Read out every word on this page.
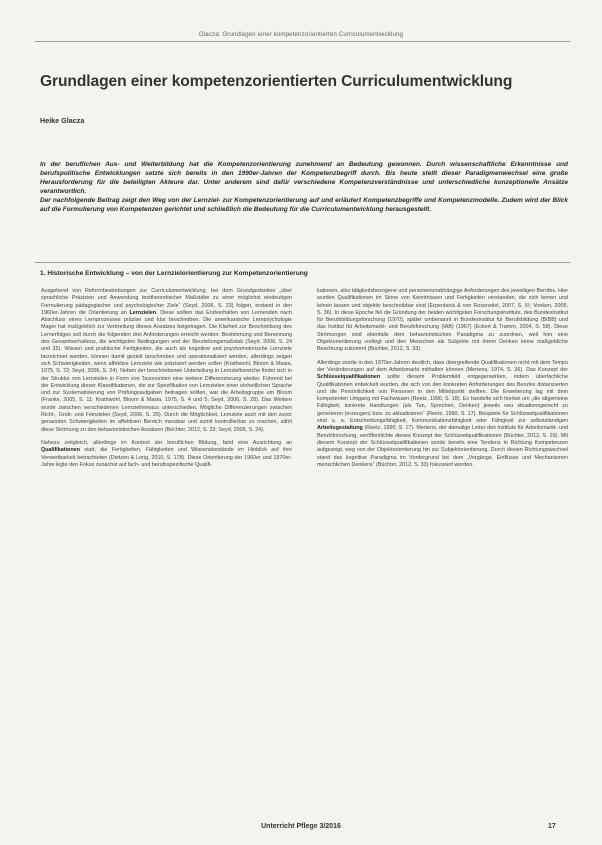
Glacza: Grundlagen einer kompetenzorientierten Curriculumentwicklung
Grundlagen einer kompetenzorientierten Curriculumentwicklung
Heike Glacza

In der beruflichen Aus- und Weiterbildung hat die Kompetenzorientierung zunehmend an Bedeutung gewonnen. Durch wissenschaftliche Erkenntnisse und berufspolitische Entwicklungen setzte sich bereits in den 1990er-Jahren der Kompetenzbegriff durch. Bis heute stellt dieser Paradigmenwechsel eine große Herausforderung für die beteiligten Akteure dar. Unter anderem sind dafür verschiedene Kompetenzverständnisse und unterschiedliche konzeptionelle Ansätze verantwortlich.

Der nachfolgende Beitrag zeigt den Weg von der Lernziel- zur Kompetenzorientierung auf und erläutert Kompetenzbegriffe und Kompetenzmodelle. Zudem wird der Blick auf die Formulierung von Kompetenzen gerichtet und schließlich die Bedeutung für die Curriculumentwicklung herausgestellt.

1. Historische Entwicklung – von der Lernzielorientierung zur Kompetenzorientierung

Ausgehend von Reformbestrebungen zur Curriculumentwicklung, bei dem Grundgedanken „über sprachliche Präzision und Anwendung testtheoretischer Maßstäbe zu einer möglichst eindeutigen Formulierung pädagogischer und psychologischer Ziele“ (Seyd, 2006, S. 23) folgen, erstand in den 1960er-Jahren die Orientierung an Lernzielen. Diese sollten das Endverhalten von Lernenden nach Abschluss eines Lernprozesses präzise und klar beschreiben. Die amerikanische Lernpsychologie Mager hat maßgeblich zur Verbreitung dieses Ansatzes beigetragen. Die Klarheit zur Beschreibung des Lernerfolges soll durch die folgenden drei Anforderungen erreicht werden: Bestimmung und Benennung des Gesamtverhaltens, die wichtigsten Bedingungen und der Beurteilungsmaßstab (Seyd, 2006, S. 24 und 25). Wissen und praktische Fertigkeiten, die auch als kognitive und psychomotorische Lernziele bezeichnet werden, können damit gezielt beschrieben und operationalisiert werden, allerdings zeigen sich Schwierigkeiten, wenn affektive Lernziele wie präzisiert werden sollen (Krathwohl, Bloom & Masia, 1975, S. 72; Seyd, 2006, S. 24). Neben der beschriebenen Unterteilung in Lernzielbereiche findet sich in der Struktur von Lernzielen in Form von Taxonomien eine weitere Differenzierung wieder. Führend bei der Entwicklung dieser Klassifikationen, die zur Spezifikation von Lernzielen einer einheitlichen Sprache und zur Systematisierung von Prüfungsaufgaben beitragen sollten, war die Arbeitsgruppe um Bloom (Franke, 2005, S. 11; Krathwohl, Bloom & Masia, 1975, S. 4 und 5; Seyd, 2006, S. 28). Das Weitere wurde zwischen verschiedenen Lernzielniveaus unterschieden. Mögliche Differenzierungen zwischen Richt-, Grob- und Feinzielen (Seyd, 2006, S. 25). Durch die Möglichkeit, Lernziele auch mit den zuvor genannten Schwierigkeiten im affektiven Bereich messbar und somit kontrollierbar zu machen, zählt diese Strömung zu den behavioristischen Ansätzen (Büchter, 2012, S. 33; Seyd, 2006, S. 24).

Nahezu zeitgleich, allerdings im Kontext der beruflichen Bildung, fand eine Ausrichtung an Qualifikationen statt, die Fertigkeiten, Fähigkeiten und Wissensbestände im Hinblick auf ihre Verwertbarkeit betrachteten (Dietzen & Lorig, 2010, S. 178). Diese Orientierung der 1960er und 1970er-Jahre legte den Fokus zunächst auf fach- und berufsspezifische Qualifi-

kationen, also tätigkeitsbezogene und personenunabhängige Anforderungen des jeweiligen Berufes. Hier wurden Qualifikationen im Sinne von Kenntnissen und Fertigkeiten verstanden, die sich lernen und lehren lassen und objektiv beschreibbar sind (Erpenbeck & von Rosenstiel, 2007, S. XI; Vonken, 2005, S. 36). In diese Epoche fiel die Gründung der beiden wichtigsten Forschungsinstitute, des Bundesinstitut für Berufsbildungsforschung (1970), später umbenannt in Bundesinstitut für Berufsbildung (BIBB) und das Institut für Arbeitsmarkt- und Berufsforschung (IAB) (1967) (Eckert & Tramm, 2004, S. 58). Diese Strömungen sind ebenfalls dem behavioristischen Paradigma zu zuordnen, weil hier eine Objektorientierung vorliegt und den Menschen als Subjekte mit ihrem Denken keine maßgebliche Beachtung zukommt (Büchter, 2012, S. 33).

Allerdings wurde in den 1970er-Jahren deutlich, dass übergreifende Qualifikationen nicht mit dem Tempo der Veränderungen auf dem Arbeitsmarkt mithalten können (Mertens, 1974, S. 36). Das Konzept der Schlüsselqualifikationen sollte diesem Problemfeld entgegenwirken, indem überfachliche Qualifikationen entwickelt wurden, die sich von den konkreten Anforderungen des Berufes distanzierten und die Persönlichkeit von Personen in den Mittelpunkt stellten. Die Erweiterung lag mit dem kompetenten Umgang mit Fachwissen (Reetz, 1990, S. 18). Es handelte sich hierbei um „die allgemeine Fähigkeit, konkrete Handlungen (als Tun, Sprechen, Denken) jeweils neu situationsgerecht zu generieren (erzeugen) bzw. zu aktualisieren“ (Reetz, 1990, S. 17). Beispiele für Schlüsselqualifikationen sind u. a. Entscheidungsfähigkeit, Kommunikationsfähigkeit oder Fähigkeit zur selbstständigen Arbeitsgestaltung (Reetz, 1990, S. 17). Mertens, der damalige Leiter des Instituts für Arbeitsmarkt- und Berufsforschung, veröffentlichte dieses Konzept der Schlüsselqualifikationen (Büchter, 2012, S. 29). Mit diesem Konzept der Schlüsselqualifikationen wurde bereits eine Tendenz in Richtung Kompetenzen aufgezeigt, weg von der Objektorientierung hin zur Subjektorientierung. Durch diesen Richtungswechsel stand das kognitive Paradigma im Vordergrund bei dem „Vorgänge, Einflüsse und Mechanismen menschlichen Denkens“ (Büchter, 2012, S. 33) fokussiert wurden.

Unterricht Pflege 3/2016	17
